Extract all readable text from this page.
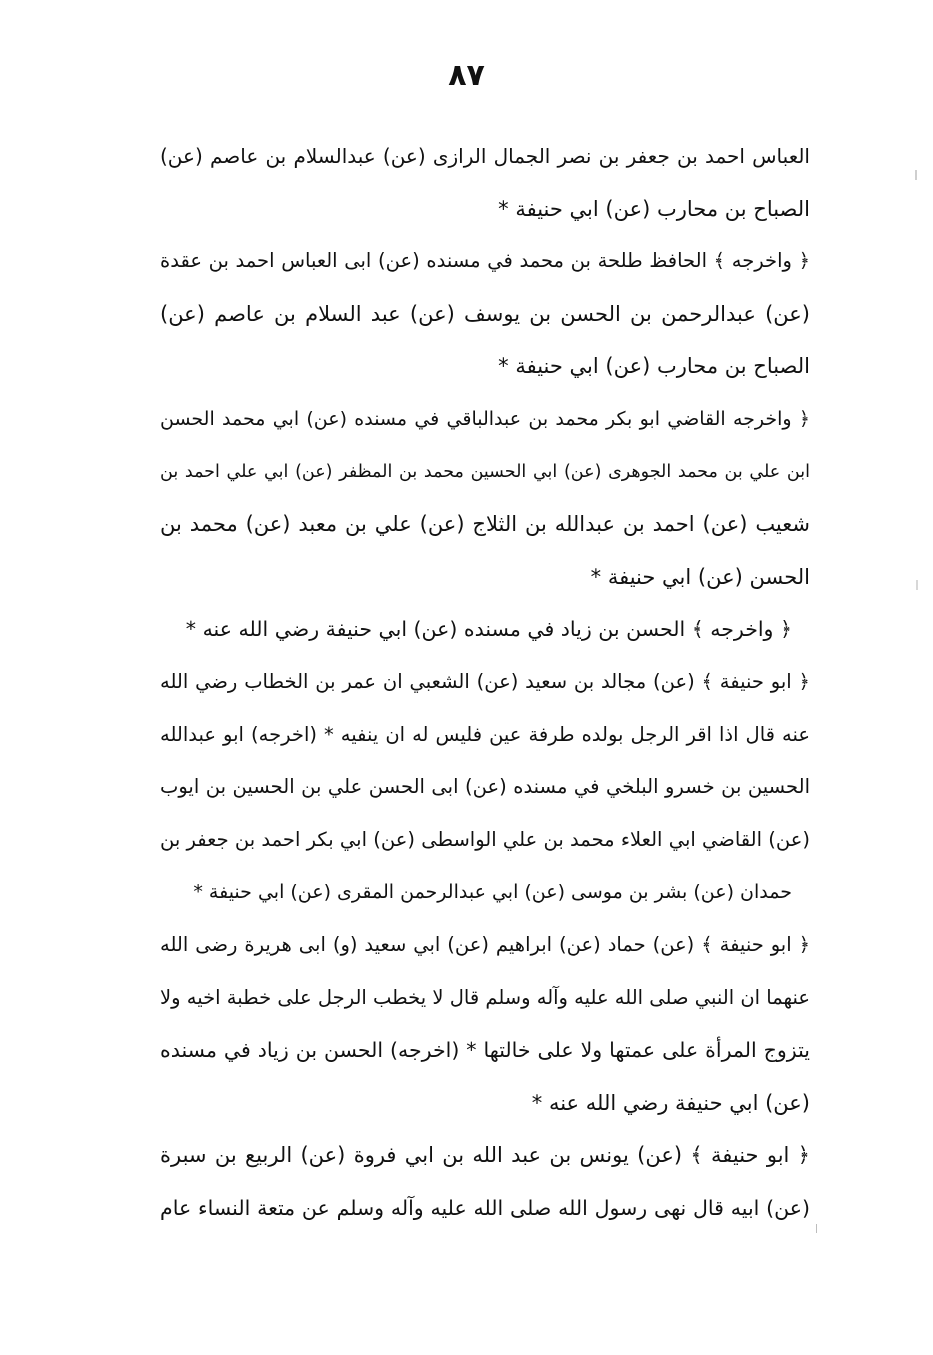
٨٧
العباس احمد بن جعفر بن نصر الجمال الرازى (عن) عبدالسلام بن عاصم (عن)
الصباح بن محارب (عن) ابي حنيفة *
﴿ واخرجه ﴾ الحافظ طلحة بن محمد في مسنده (عن) ابى العباس احمد بن عقدة
(عن) عبدالرحمن بن الحسن بن يوسف (عن) عبد السلام بن عاصم (عن)
الصباح بن محارب (عن) ابي حنيفة *
﴿ واخرجه القاضي ابو بكر محمد بن عبدالباقي في مسنده (عن) ابي محمد الحسن
ابن علي بن محمد الجوهرى (عن) ابي الحسين محمد بن المظفر (عن) ابي علي احمد بن
شعيب (عن) احمد بن عبدالله بن الثلاج (عن) علي بن معبد (عن) محمد بن
الحسن (عن) ابي حنيفة *
﴿ واخرجه ﴾ الحسن بن زياد في مسنده (عن) ابي حنيفة رضي الله عنه *
﴿ ابو حنيفة ﴾ (عن) مجالد بن سعيد (عن) الشعبي ان عمر بن الخطاب رضي الله
عنه قال اذا اقر الرجل بولده طرفة عين فليس له ان ينفيه * (اخرجه) ابو عبدالله
الحسين بن خسرو البلخي في مسنده (عن) ابى الحسن علي بن الحسين بن ايوب
(عن) القاضي ابي العلاء محمد بن علي الواسطى (عن) ابي بكر احمد بن جعفر بن
حمدان (عن) بشر بن موسى (عن) ابي عبدالرحمن المقرى (عن) ابي حنيفة *
﴿ ابو حنيفة ﴾ (عن) حماد (عن) ابراهيم (عن) ابي سعيد (و) ابى هريرة رضى الله
عنهما ان النبي صلى الله عليه وآله وسلم قال لا يخطب الرجل على خطبة اخيه ولا
يتزوج المرأة على عمتها ولا على خالتها * (اخرجه) الحسن بن زياد في مسنده
(عن) ابي حنيفة رضي الله عنه *
﴿ ابو حنيفة ﴾ (عن) يونس بن عبد الله بن ابي فروة (عن) الربيع بن سبرة
(عن) ابيه قال نهى رسول الله صلى الله عليه وآله وسلم عن متعة النساء عام
